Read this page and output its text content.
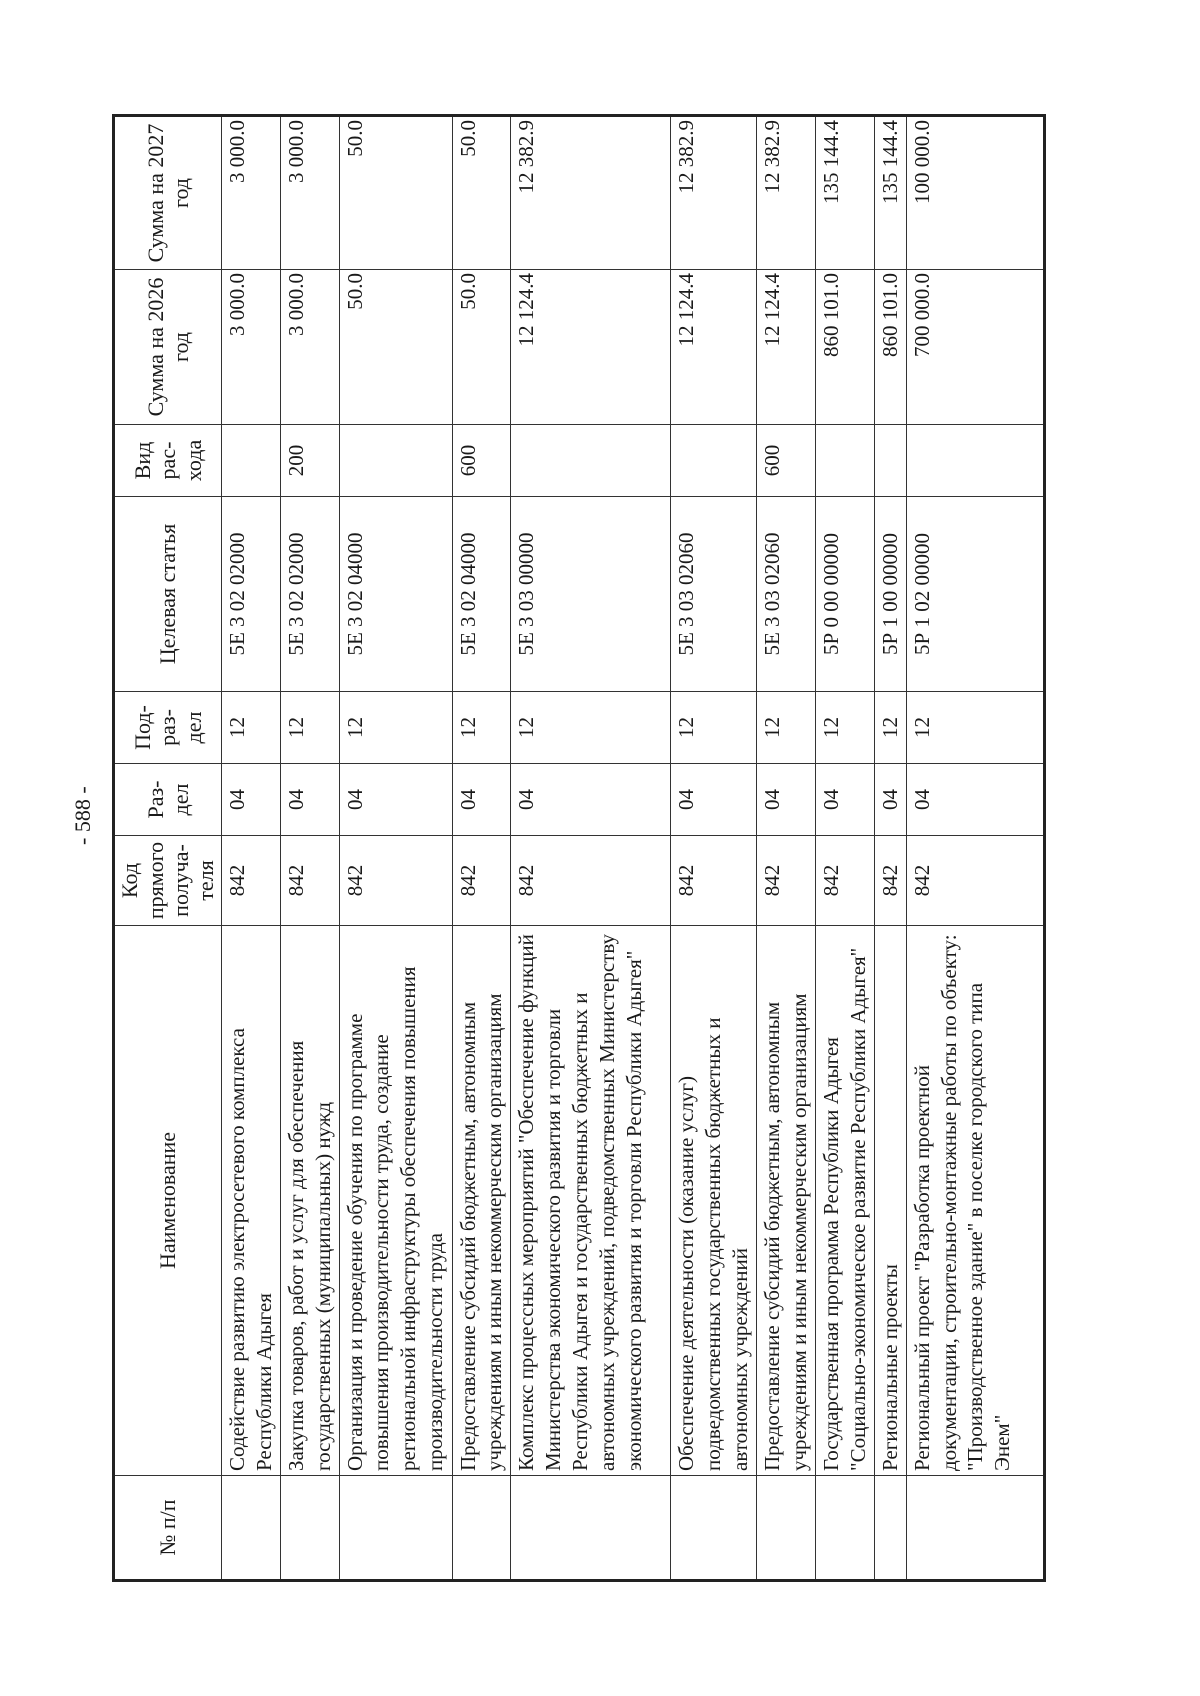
- 588 -
№ п/п	Наименование	Код прямого получа-теля	Раз-дел	Под-раз-дел	Целевая статья	Вид рас-хода	Сумма на 2026 год	Сумма на 2027 год
	Содействие развитию электросетевого комплекса Республики Адыгея	842	04	12	5Е 3 02 02000		3 000.0	3 000.0
	Закупка товаров, работ и услуг для обеспечения государственных (муниципальных) нужд	842	04	12	5Е 3 02 02000	200	3 000.0	3 000.0
	Организация и проведение обучения по программе повышения производительности труда, создание региональной инфраструктуры обеспечения повышения производительности труда	842	04	12	5Е 3 02 04000		50.0	50.0
	Предоставление субсидий бюджетным, автономным учреждениям и иным некоммерческим организациям	842	04	12	5Е 3 02 04000	600	50.0	50.0
	Комплекс процессных мероприятий "Обеспечение функций Министерства экономического развития и торговли Республики Адыгея и государственных бюджетных и автономных учреждений, подведомственных Министерству экономического развития и торговли Республики Адыгея"	842	04	12	5Е 3 03 00000		12 124.4	12 382.9
	Обеспечение деятельности (оказание услуг) подведомственных государственных бюджетных и автономных учреждений	842	04	12	5Е 3 03 02060		12 124.4	12 382.9
	Предоставление субсидий бюджетным, автономным учреждениям и иным некоммерческим организациям	842	04	12	5Е 3 03 02060	600	12 124.4	12 382.9
	Государственная программа Республики Адыгея "Социально-экономическое развитие Республики Адыгея"	842	04	12	5Р 0 00 00000		860 101.0	135 144.4
	Региональные проекты	842	04	12	5Р 1 00 00000		860 101.0	135 144.4
	Региональный проект "Разработка проектной документации, строительно-монтажные работы по объекту: "Производственное здание" в поселке городского типа Энем"	842	04	12	5Р 1 02 00000		700 000.0	100 000.0
